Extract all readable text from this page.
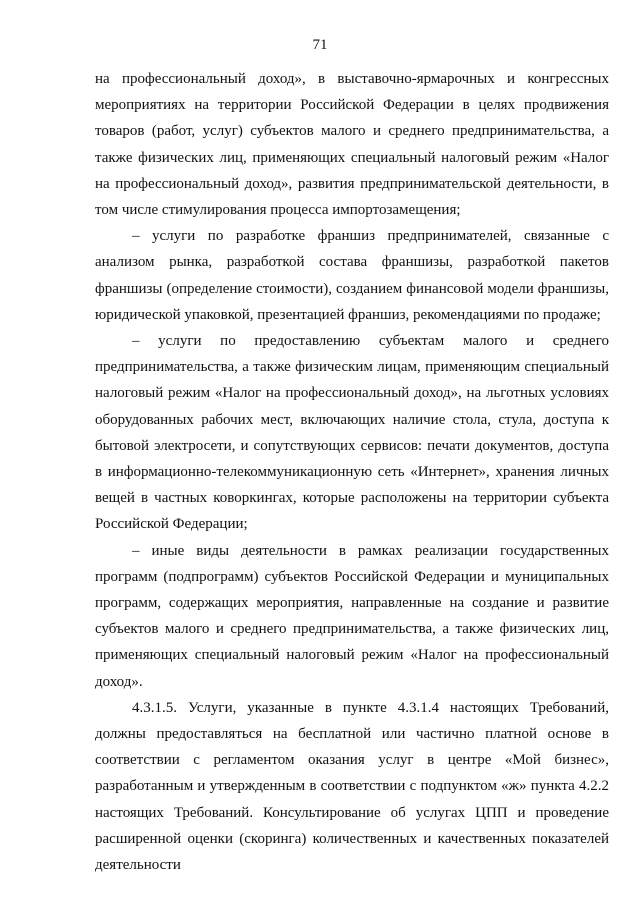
71

на профессиональный доход», в выставочно-ярмарочных и конгрессных мероприятиях на территории Российской Федерации в целях продвижения товаров (работ, услуг) субъектов малого и среднего предпринимательства, а также физических лиц, применяющих специальный налоговый режим «Налог на профессиональный доход», развития предпринимательской деятельности, в том числе стимулирования процесса импортозамещения;

– услуги по разработке франшиз предпринимателей, связанные с анализом рынка, разработкой состава франшизы, разработкой пакетов франшизы (определение стоимости), созданием финансовой модели франшизы, юридической упаковкой, презентацией франшиз, рекомендациями по продаже;

– услуги по предоставлению субъектам малого и среднего предпринимательства, а также физическим лицам, применяющим специальный налоговый режим «Налог на профессиональный доход», на льготных условиях оборудованных рабочих мест, включающих наличие стола, стула, доступа к бытовой электросети, и сопутствующих сервисов: печати документов, доступа в информационно-телекоммуникационную сеть «Интернет», хранения личных вещей в частных коворкингах, которые расположены на территории субъекта Российской Федерации;

– иные виды деятельности в рамках реализации государственных программ (подпрограмм) субъектов Российской Федерации и муниципальных программ, содержащих мероприятия, направленные на создание и развитие субъектов малого и среднего предпринимательства, а также физических лиц, применяющих специальный налоговый режим «Налог на профессиональный доход».

4.3.1.5. Услуги, указанные в пункте 4.3.1.4 настоящих Требований, должны предоставляться на бесплатной или частично платной основе в соответствии с регламентом оказания услуг в центре «Мой бизнес», разработанным и утвержденным в соответствии с подпунктом «ж» пункта 4.2.2 настоящих Требований. Консультирование об услугах ЦПП и проведение расширенной оценки (скоринга) количественных и качественных показателей деятельности
